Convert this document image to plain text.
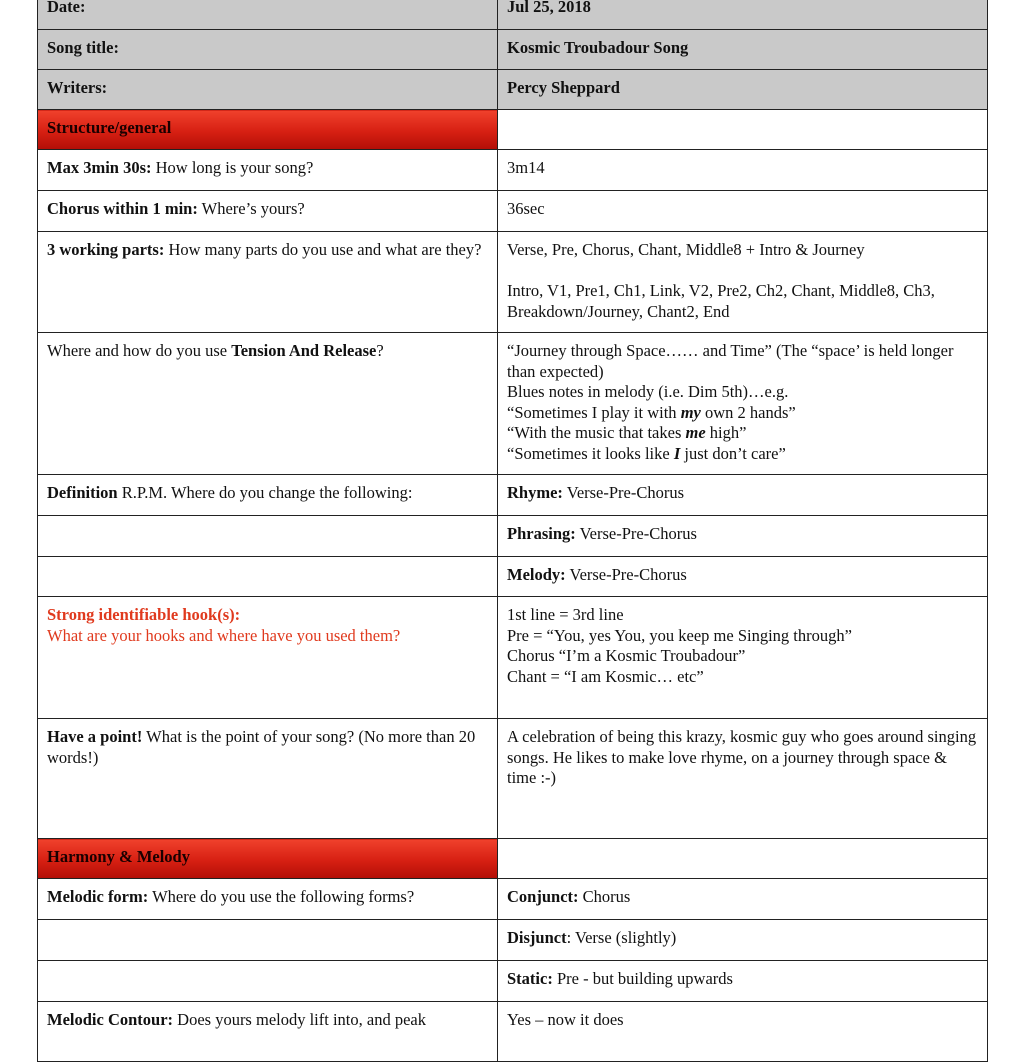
Date:	Jul 25, 2018
Song title:	Kosmic Troubadour Song
Writers:	Percy Sheppard
Structure/general	
Max 3min 30s: How long is your song?	3m14
Chorus within 1 min: Where’s yours?	36sec
3 working parts: How many parts do you use and what are they?	Verse, Pre, Chorus, Chant, Middle8 + Intro & Journey
Intro, V1, Pre1, Ch1, Link, V2, Pre2, Ch2, Chant, Middle8, Ch3, Breakdown/Journey, Chant2, End

Where and how do you use Tension And Release?	“Journey through Space…… and Time” (The “space’ is held longer than expected)
Blues notes in melody (i.e. Dim 5th)…e.g.
“Sometimes I play it with my own 2 hands”
“With the music that takes me high”
“Sometimes it looks like I just don’t care”

Definition R.P.M. Where do you change the following:	Rhyme: Verse-Pre-Chorus
	Phrasing: Verse-Pre-Chorus
	Melody: Verse-Pre-Chorus

Strong identifiable hook(s):
What are your hooks and where have you used them?	1st line = 3rd line
Pre = “You, yes You, you keep me Singing through”
Chorus “I’m a Kosmic Troubadour”
Chant = “I am Kosmic… etc”

Have a point! What is the point of your song? (No more than 20 words!)	A celebration of being this krazy, kosmic guy who goes around singing songs. He likes to make love rhyme, on a journey through space & time :-)
Harmony & Melody	
Melodic form: Where do you use the following forms?	Conjunct: Chorus
	Disjunct: Verse (slightly)
	Static: Pre - but building upwards
Melodic Contour: Does yours melody lift into, and peak	Yes – now it does
